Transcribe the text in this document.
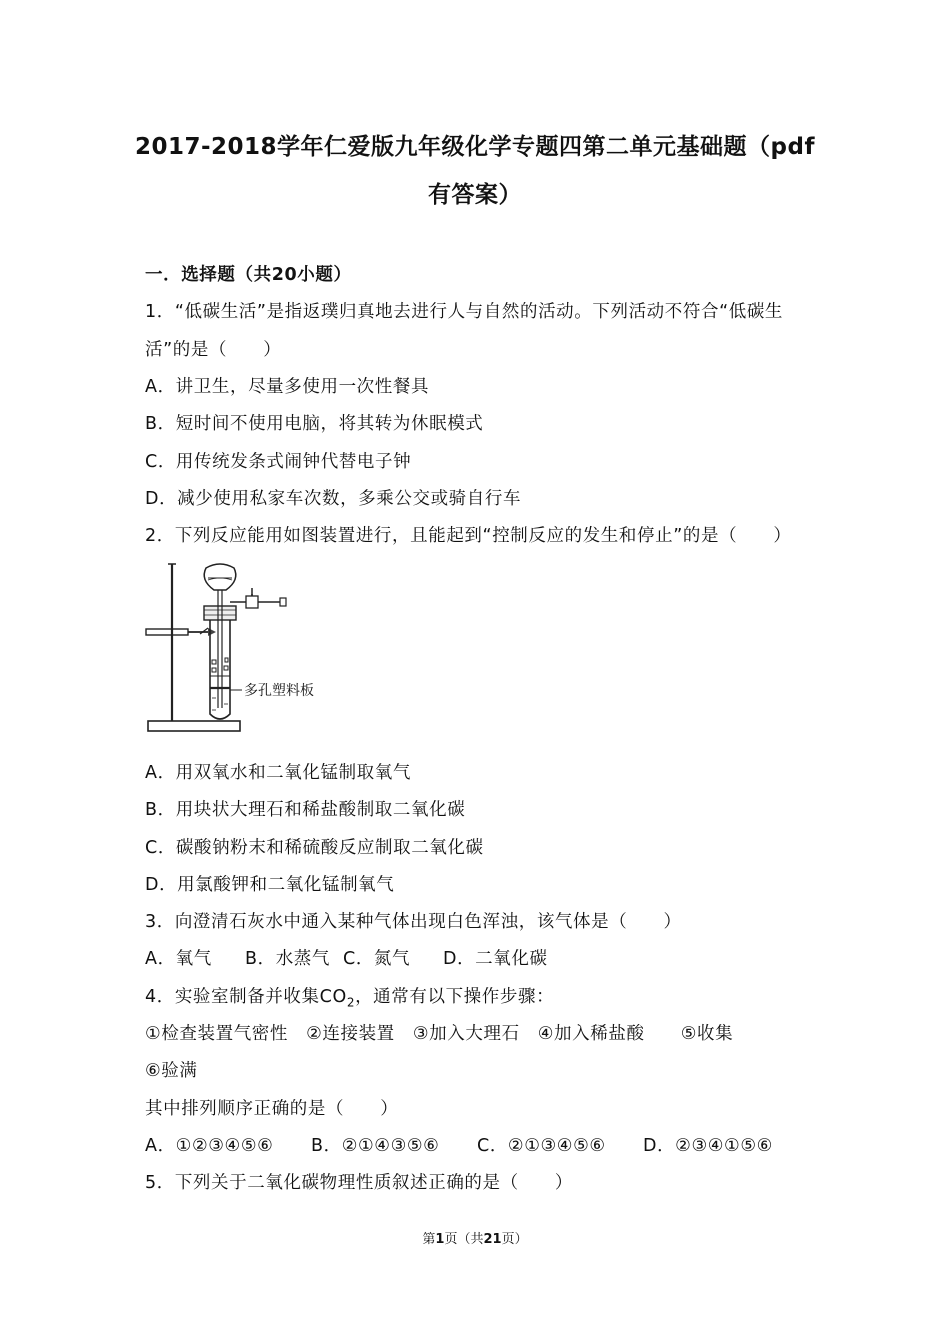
2017-2018学年仁爱版九年级化学专题四第二单元基础题（pdf
有答案）
一．选择题（共20小题）
1．“低碳生活”是指返璞归真地去进行人与自然的活动。下列活动不符合“低碳生
活”的是（　　）
A．讲卫生，尽量多使用一次性餐具
B．短时间不使用电脑，将其转为休眠模式
C．用传统发条式闹钟代替电子钟
D．减少使用私家车次数，多乘公交或骑自行车
2．下列反应能用如图装置进行，且能起到“控制反应的发生和停止”的是（　　）
多孔塑料板
A．用双氧水和二氧化锰制取氧气
B．用块状大理石和稀盐酸制取二氧化碳
C．碳酸钠粉末和稀硫酸反应制取二氧化碳
D．用氯酸钾和二氧化锰制氧气
3．向澄清石灰水中通入某种气体出现白色浑浊，该气体是（　　）
A．氧气 B．水蒸气 C．氮气 D．二氧化碳
4．实验室制备并收集$CO_2$，通常有以下操作步骤：
①检查装置气密性　②连接装置　③加入大理石　④加入稀盐酸　　⑤收集
⑥验满
其中排列顺序正确的是（　　）
A．①②③④⑤⑥ B．②①④③⑤⑥ C．②①③④⑤⑥ D．②③④①⑤⑥
5．下列关于二氧化碳物理性质叙述正确的是（　　）
第1页（共21页）
